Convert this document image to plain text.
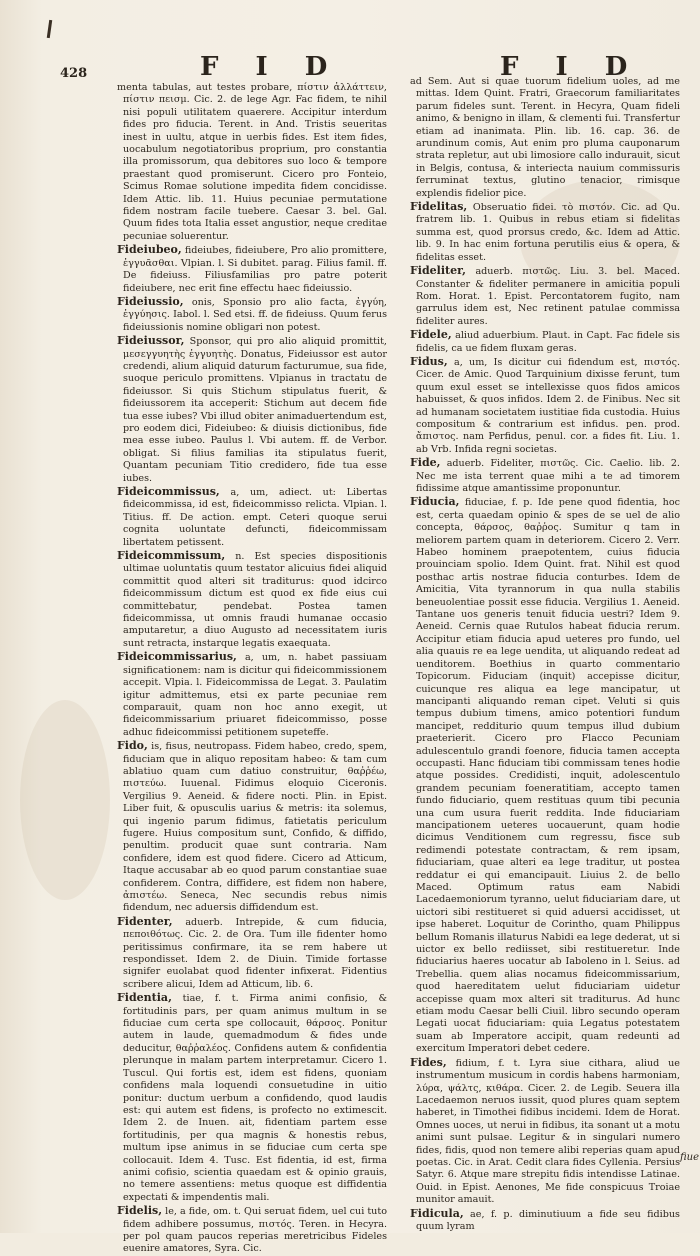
428	F I D	F I D

menta tabulas, aut testes probare, πίστιν ἀλλάττειν, πίστιν πεισμ. Cic. 2. de lege Agr. Fac fidem, te nihil nisi populi utilitatem quaerere. Accipitur interdum fides pro fiducia. Terent. in And. Tristis seueritas inest in uultu, atque in uerbis fides. Est item fides, uocabulum negotiatoribus proprium, pro constantia illa promissorum, qua debitores suo loco & tempore praestant quod promiserunt. Cicero pro Fonteio, Scimus Romae solutione impedita fidem concidisse. Idem Attic. lib. 11. Huius pecuniae permutatione fidem nostram facile tuebere. Caesar 3. bel. Gal. Quum fides tota Italia esset angustior, neque creditae pecuniae soluerentur.

Fideiubeo, fideiubes, fideiubere, Pro alio promittere, ἐγγυᾶσθαι. Vlpian. l. Si dubitet. parag. Filius famil. ff. De fideiuss. Filiusfamilias pro patre poterit fideiubere, nec erit fine effectu haec fideiussio.

Fideiussio, onis, Sponsio pro alio facta, ἐγγύη, ἐγγύησις. Iabol. l. Sed etsi. ff. de fideiuss. Quum ferus fideiussionis nomine obligari non potest.

Fideiussor, Sponsor, qui pro alio aliquid promittit, μεσεγγυητὴς ἐγγυητὴς. Donatus, Fideiussor est autor credendi, alium aliquid daturum facturumue, sua fide, suoque periculo promittens. Vlpianus in tractatu de fideiussor. Si quis Stichum stipulatus fuerit, & fideiussorem ita acceperit: Stichum aut decem fide tua esse iubes? Vbi illud obiter animaduertendum est, pro eodem dici, Fideiubeo: & diuisis dictionibus, fide mea esse iubeo. Paulus l. Vbi autem. ff. de Verbor. obligat. Si filius familias ita stipulatus fuerit, Quantam pecuniam Titio credidero, fide tua esse iubes.

Fideicommissus, a, um, adiect. ut: Libertas fideicommissa, id est, fideicommisso relicta. Vlpian. l. Titius. ff. De action. empt. Ceteri quoque serui cognita uoluntate defuncti, fideicommissam libertatem petissent.

Fideicommissum, n. Est species dispositionis ultimae uoluntatis quum testator alicuius fidei aliquid committit quod alteri sit traditurus: quod idcirco fideicommissum dictum est quod ex fide eius cui committebatur, pendebat. Postea tamen fideicommissa, ut omnis fraudi humanae occasio amputaretur, a diuo Augusto ad necessitatem iuris sunt retracta, instarque legatis exaequata.

Fideicommissarius, a, um, n. habet passiuam significationem: nam is dicitur qui fideicommissionem accepit. Vlpia. l. Fideicommissa de Legat. 3. Paulatim igitur admittemus, etsi ex parte pecuniae rem comparauit, quam non hoc anno exegit, ut fideicommissarium priuaret fideicommisso, posse adhuc fideicommissi petitionem supeteffe.

Fido, is, fisus, neutropass. Fidem habeo, credo, spem, fiduciam que in aliquo repositam habeo: & tam cum ablatiuo quam cum datiuo construitur, θαῤῥέω, πιστεύω. Iuuenal. Fidimus eloquio Ciceronis. Vergilius 9. Aeneid. & fidere nocti. Plin. in Epist. Liber fuit, & opusculis uarius & metris: ita solemus, qui ingenio parum fidimus, fatietatis periculum fugere. Huius compositum sunt, Confido, & diffido, penultim. producit quae sunt contraria. Nam confidere, idem est quod fidere. Cicero ad Atticum, Itaque accusabar ab eo quod parum constantiae suae confiderem. Contra, diffidere, est fidem non habere, ἀπιστέω. Seneca, Nec secundis rebus nimis fidendum, nec aduersis diffidendum est.

Fidenter, aduerb. Intrepide, & cum fiducia, πεποιθότως. Cic. 2. de Ora. Tum ille fidenter homo peritissimus confirmare, ita se rem habere ut respondisset. Idem 2. de Diuin. Timide fortasse signifer euolabat quod fidenter infixerat. Fidentius scribere alicui, Idem ad Atticum, lib. 6.

Fidentia, tiae, f. t. Firma animi confisio, & fortitudinis pars, per quam animus multum in se fiduciae cum certa spe collocauit, θάρσος. Ponitur autem in laude, quemadmodum & fides unde deducitur, θαῤῥαλέος. Confidens autem & confidentia plerunque in malam partem interpretamur. Cicero 1. Tuscul. Qui fortis est, idem est fidens, quoniam confidens mala loquendi consuetudine in uitio ponitur: ductum uerbum a confidendo, quod laudis est: qui autem est fidens, is profecto no extimescit. Idem 2. de Inuen. ait, fidentiam partem esse fortitudinis, per qua magnis & honestis rebus, multum ipse animus in se fiduciae cum certa spe collocauit. Idem 4. Tusc. Est fidentia, id est, firma animi cofisio, scientia quaedam est & opinio grauis, no temere assentiens: metus quoque est diffidentia expectati & impendentis mali.

Fidelis, le, a fide, om. t. Qui seruat fidem, uel cui tuto fidem adhibere possumus, πιστός. Teren. in Hecyra. per pol quam paucos reperias meretricibus Fideles euenire amatores, Syra. Cic.

ad Sem. Aut si quae tuorum fidelium uoles, ad me mittas. Idem Quint. Fratri, Graecorum familiaritates parum fideles sunt. Terent. in Hecyra, Quam fideli animo, & benigno in illam, & clementi fui. Transfertur etiam ad inanimata. Plin. lib. 16. cap. 36. de arundinum comis, Aut enim pro pluma cauponarum strata repletur, aut ubi limosiore callo indurauit, sicut in Belgis, contusa, & interiecta nauium commissuris ferruminat textus, glutino tenacior, rimisque explendis fidelior pice.

Fidelitas, Obseruatio fidei. τὸ πιστόν. Cic. ad Qu. fratrem lib. 1. Quibus in rebus etiam si fidelitas summa est, quod prorsus credo, &c. Idem ad Attic. lib. 9. In hac enim fortuna perutilis eius & opera, & fidelitas esset.

Fideliter, aduerb. πιστῶς. Liu. 3. bel. Maced. Constanter & fideliter permanere in amicitia populi Rom. Horat. 1. Epist. Percontatorem fugito, nam garrulus idem est, Nec retinent patulae commissa fideliter aures.

Fidele, aliud aduerbium. Plaut. in Capt. Fac fidele sis fidelis, ca ue fidem fluxam geras.

Fidus, a, um, Is dicitur cui fidendum est, πιστός. Cicer. de Amic. Quod Tarquinium dixisse ferunt, tum quum exul esset se intellexisse quos fidos amicos habuisset, & quos infidos. Idem 2. de Finibus. Nec sit ad humanam societatem iustitiae fida custodia. Huius compositum & contrarium est infidus. pen. prod. ἄπιστος. nam Perfidus, penul. cor. a fides fit. Liu. 1. ab Vrb. Infida regni societas.

Fide, aduerb. Fideliter, πιστῶς. Cic. Caelio. lib. 2. Nec me ista terrent quae mihi a te ad timorem fidissime atque amantissime proponuntur.

Fiducia, fiduciae, f. p. Ide pene quod fidentia, hoc est, certa quaedam opinio & spes de se uel de alio concepta, θάρσος, θαῤῥος. Sumitur q tam in meliorem partem quam in deteriorem. Cicero 2. Verr. Habeo hominem praepotentem, cuius fiducia prouinciam spolio. Idem Quint. frat. Nihil est quod posthac artis nostrae fiducia conturbes. Idem de Amicitia, Vita tyrannorum in qua nulla stabilis beneuolentiae possit esse fiducia. Vergilius 1. Aeneid. Tantane uos generis tenuit fiducia uestri? Idem 9. Aeneid. Cernis quae Rutulos habeat fiducia rerum. Accipitur etiam fiducia apud ueteres pro fundo, uel alia quauis re ea lege uendita, ut aliquando redeat ad uenditorem. Boethius in quarto commentario Topicorum. Fiduciam (inquit) accepisse dicitur, cuicunque res aliqua ea lege mancipatur, ut mancipanti aliquando reman cipet. Veluti si quis tempus dubium timens, amico potentiori fundum mancipet, redditurio quum tempus illud dubium praeterierit. Cicero pro Flacco Pecuniam adulescentulo grandi foenore, fiducia tamen accepta occupasti. Hanc fiduciam tibi commissam tenes hodie atque possides. Credidisti, inquit, adolescentulo grandem pecuniam foeneratitiam, accepto tamen fundo fiduciario, quem restituas quum tibi pecunia una cum usura fuerit reddita. Inde fiduciariam mancipationem ueteres uocauerunt, quam hodie dicimus Venditionem cum regressu, fisce sub redimendi potestate contractam, & rem ipsam, fiduciariam, quae alteri ea lege traditur, ut postea reddatur ei qui emancipauit. Liuius 2. de bello Maced. Optimum ratus eam Nabidi Lacedaemoniorum tyranno, uelut fiduciariam dare, ut uictori sibi restitueret si quid aduersi accidisset, ut ipse haberet. Loquitur de Corintho, quam Philippus bellum Romanis illaturus Nabidi ea lege dederat, ut si uictor ex bello rediisset, sibi restitueretur. Inde fiduciarius haeres uocatur ab Iaboleno in l. Seius. ad Trebellia. quem alias nocamus fideicommissarium, quod haereditatem uelut fiduciariam uidetur accepisse quam mox alteri sit traditurus. Ad hunc etiam modu Caesar belli Ciuil. libro secundo operam Legati uocat fiduciariam: quia Legatus potestatem suam ab Imperatore accipit, quam redeunti ad exercitum Imperatori debet cedere.

Fides, fidium, f. t. Lyra siue cithara, aliud ue instrumentum musicum in cordis habens harmoniam, λύρα, ψάλτς, κιθάρα. Cicer. 2. de Legib. Seuera illa Lacedaemon neruos iussit, quod plures quam septem haberet, in Timothei fidibus incidemi. Idem de Horat. Omnes uoces, ut nerui in fidibus, ita sonant ut a motu animi sunt pulsae. Legitur & in singulari numero fides, fidis, quod non temere alibi reperias quam apud poetas. Cic. in Arat. Cedit clara fides Cyllenia. Persius Satyr. 6. Atque mare strepitu fidis intendisse Latinae. Ouid. in Epist. Aenones, Me fide conspicuus Troiae munitor amauit.

Fidicula, ae, f. p. diminutiuum a fide seu fidibus quum lyram

fiue
